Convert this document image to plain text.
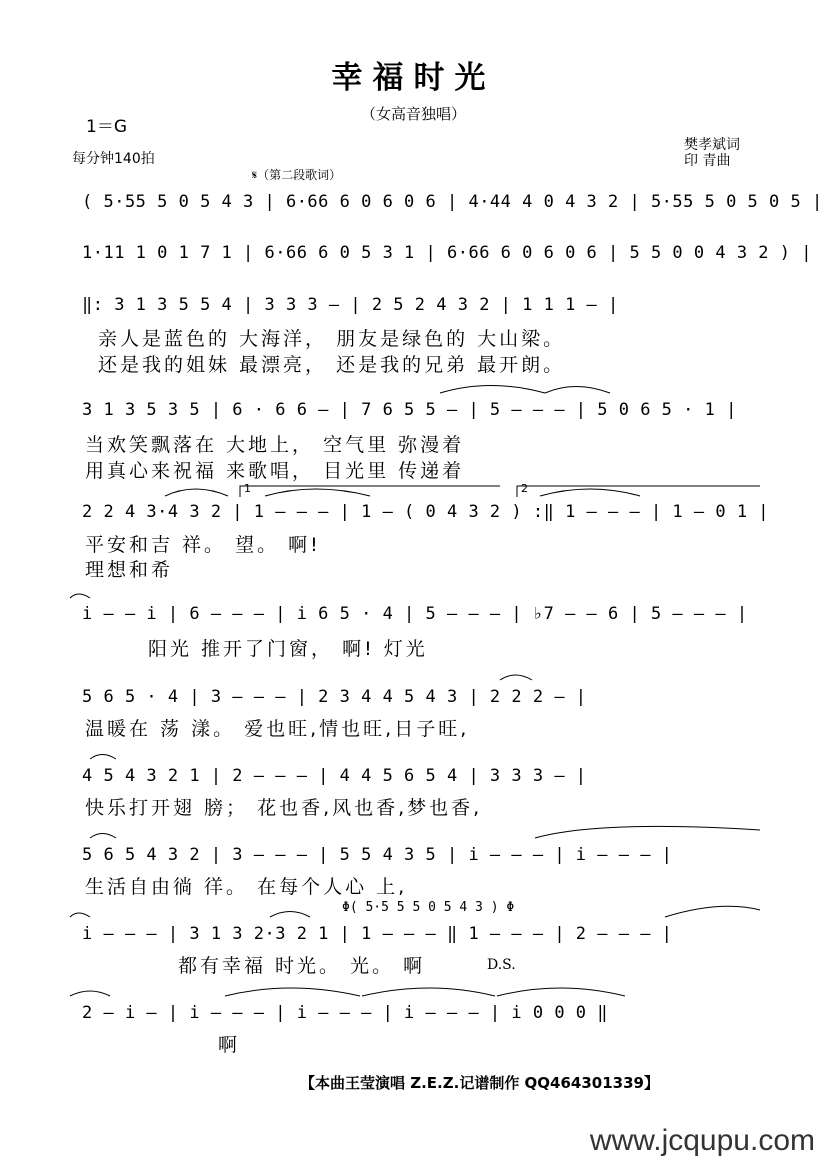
幸福时光
（女高音独唱）
1＝G
每分钟140拍
樊孝斌词
印 青曲
𝄋（第二段歌词）
( 5·55 5 0 5 4 3 | 6·66 6 0 6 0 6 | 4·44 4 0 4 3 2 | 5·55 5 0 5 0 5 |
1·11 1 0 1 7 1 | 6·66 6 0 5 3 1 | 6·66 6 0 6 0 6 | 5 5 0 0 4 3 2 ) |
‖: 3 1 3 5 5 4 | 3 3 3 — | 2 5 2 4 3 2 | 1 1 1 — |
3 1 3 5 3 5 | 6 · 6 6 — | 7 6 5 5 — | 5 — — — | 5 0 6 5 · 1 |
2 2 4 3·4 3 2 | 1 — — — | 1 — ( 0 4 3 2 ) :‖ 1 — — — | 1 — 0 1 |
i — — i | 6 — — — | i 6 5 · 4 | 5 — — — | ♭7 — — 6 | 5 — — — |
5 6 5 · 4 | 3 — — — | 2 3 4 4 5 4 3 | 2 2 2 — |
4 5 4 3 2 1 | 2 — — — | 4 4 5 6 5 4 | 3 3 3 — |
5 6 5 4 3 2 | 3 — — — | 5 5 4 3 5 | i — — — | i — — — |
i — — — | 3 1 3 2·3 2 1 | 1 — — — ‖ 1 — — — | 2 — — — |
2 — i — | i — — — | i — — — | i — — — | i 0 0 0 ‖
亲人是蓝色的 大海洋， 朋友是绿色的 大山梁。
还是我的姐妹 最漂亮， 还是我的兄弟 最开朗。
当欢笑飘落在 大地上， 空气里 弥漫着
用真心来祝福 来歌唱， 目光里 传递着
平安和吉 祥。 望。 啊!
理想和希
阳光 推开了门窗， 啊! 灯光
温暖在 荡 漾。 爱也旺,情也旺,日子旺,
快乐打开翅 膀； 花也香,风也香,梦也香,
生活自由徜 徉。 在每个人心 上,
都有幸福 时光。 光。 啊
啊
1	2
Φ( 5·5 5 5 0 5 4 3 ) Φ
D.S.
【本曲王莹演唱 Z.E.Z.记谱制作 QQ464301339】
www.jcqupu.com
